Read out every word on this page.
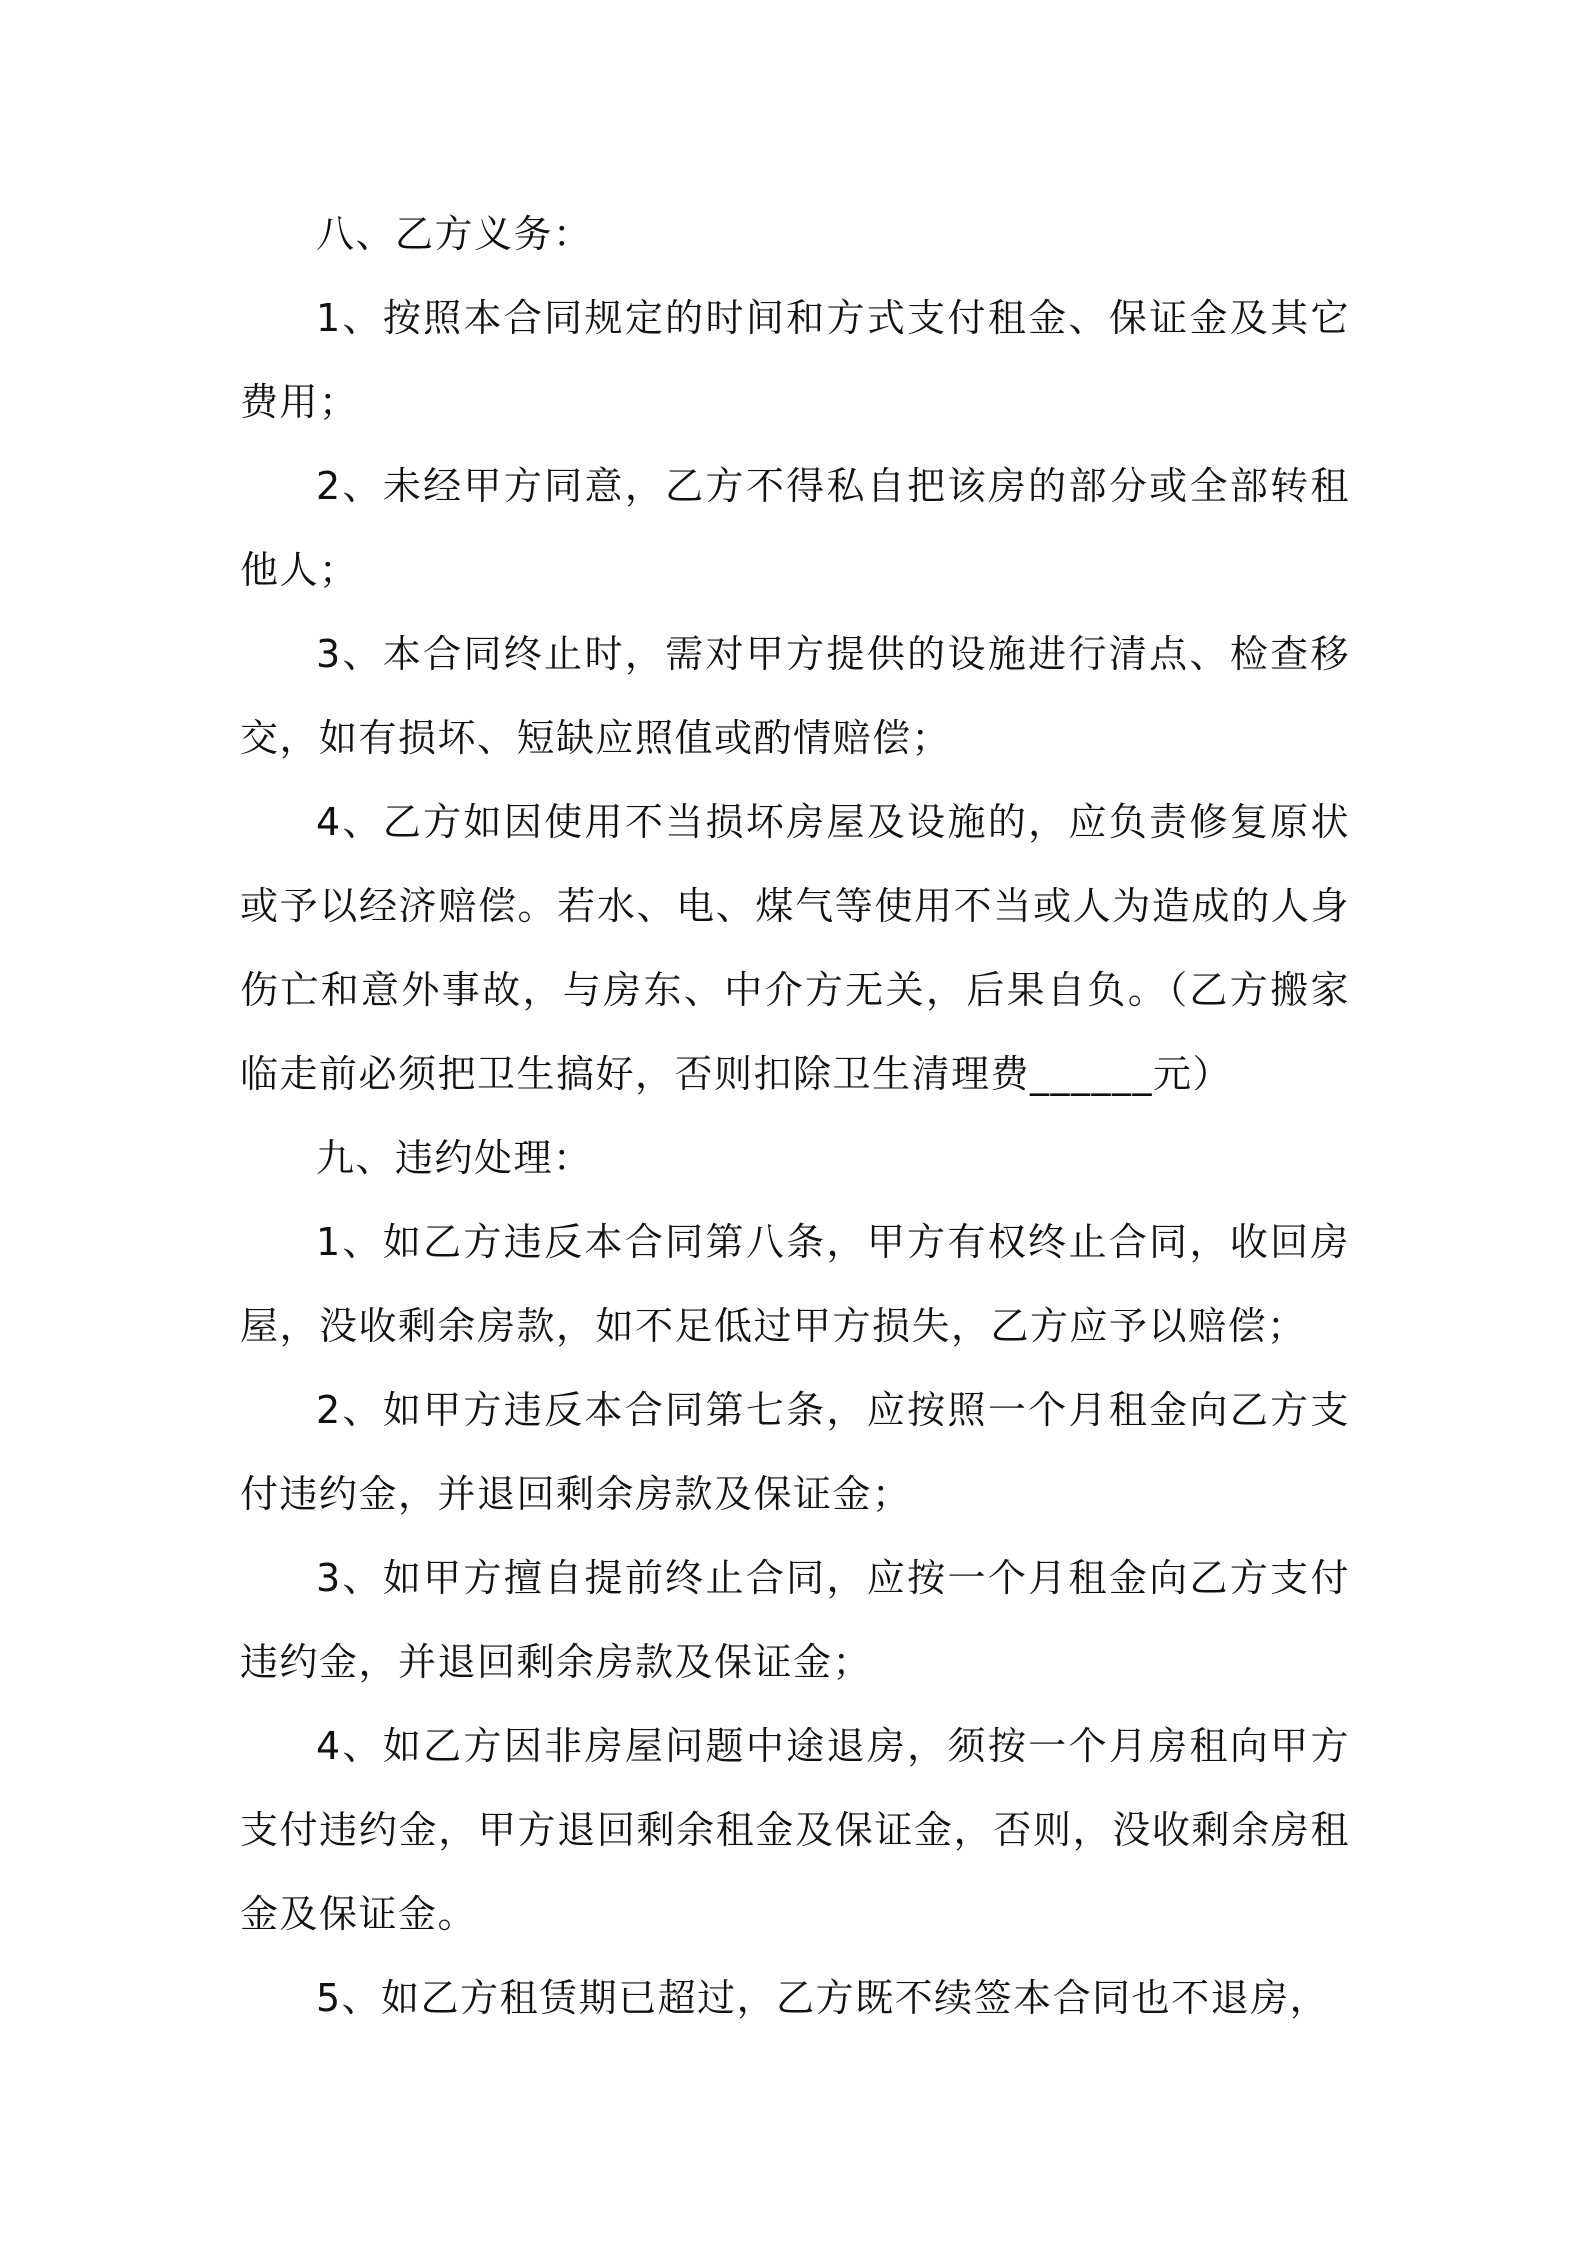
八、乙方义务：

1、按照本合同规定的时间和方式支付租金、保证金及其它费用；

2、未经甲方同意，乙方不得私自把该房的部分或全部转租他人；

3、本合同终止时，需对甲方提供的设施进行清点、检查移交，如有损坏、短缺应照值或酌情赔偿；

4、乙方如因使用不当损坏房屋及设施的，应负责修复原状或予以经济赔偿。若水、电、煤气等使用不当或人为造成的人身伤亡和意外事故，与房东、中介方无关，后果自负。（乙方搬家临走前必须把卫生搞好，否则扣除卫生清理费______元）

九、违约处理：

1、如乙方违反本合同第八条，甲方有权终止合同，收回房屋，没收剩余房款，如不足低过甲方损失，乙方应予以赔偿；

2、如甲方违反本合同第七条，应按照一个月租金向乙方支付违约金，并退回剩余房款及保证金；

3、如甲方擅自提前终止合同，应按一个月租金向乙方支付违约金，并退回剩余房款及保证金；

4、如乙方因非房屋问题中途退房，须按一个月房租向甲方支付违约金，甲方退回剩余租金及保证金，否则，没收剩余房租金及保证金。

5、如乙方租赁期已超过，乙方既不续签本合同也不退房，
